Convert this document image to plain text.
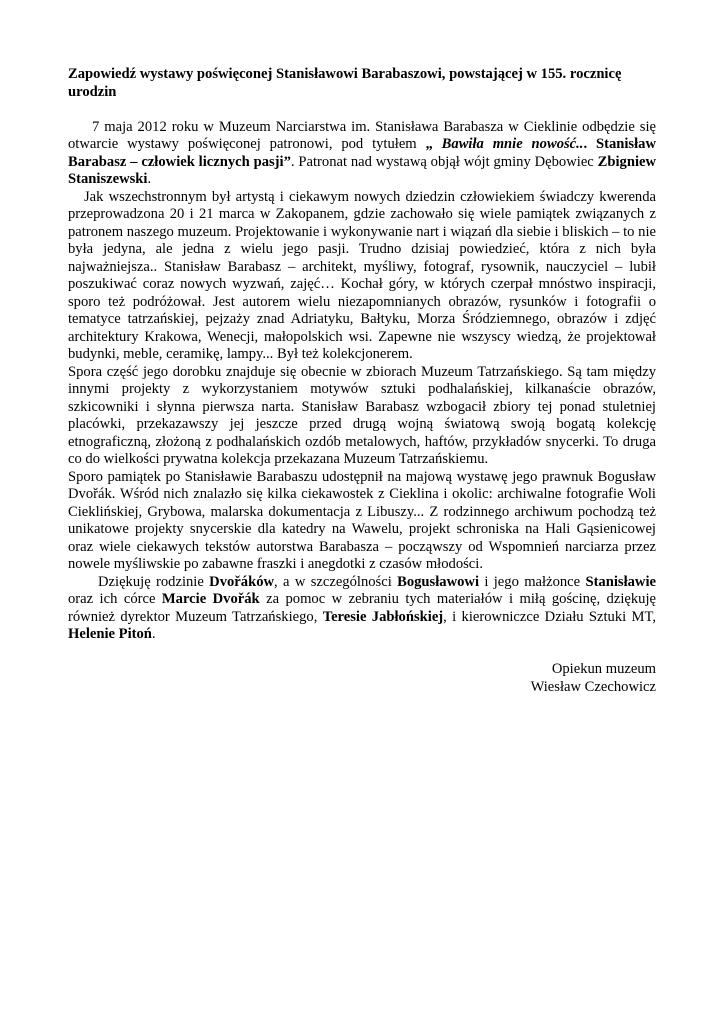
Zapowiedź wystawy poświęconej Stanisławowi Barabaszowi, powstającej w 155. rocznicę urodzin

7 maja 2012 roku w Muzeum Narciarstwa im. Stanisława Barabasza w Cieklinie odbędzie się otwarcie wystawy poświęconej patronowi, pod tytułem „ Bawiła mnie nowość... Stanisław Barabasz – człowiek licznych pasji”. Patronat nad wystawą objął wójt gminy Dębowiec Zbigniew Staniszewski.

Jak wszechstronnym był artystą i ciekawym nowych dziedzin człowiekiem świadczy kwerenda przeprowadzona 20 i 21 marca w Zakopanem, gdzie zachowało się wiele pamiątek związanych z patronem naszego muzeum. Projektowanie i wykonywanie nart i wiązań dla siebie i bliskich – to nie była jedyna, ale jedna z wielu jego pasji. Trudno dzisiaj powiedzieć, która z nich była najważniejsza.. Stanisław Barabasz – architekt, myśliwy, fotograf, rysownik, nauczyciel – lubił poszukiwać coraz nowych wyzwań, zajęć… Kochał góry, w których czerpał mnóstwo inspiracji, sporo też podróżował. Jest autorem wielu niezapomnianych obrazów, rysunków i fotografii o tematyce tatrzańskiej, pejzaży znad Adriatyku, Bałtyku, Morza Śródziemnego, obrazów i zdjęć architektury Krakowa, Wenecji, małopolskich wsi. Zapewne nie wszyscy wiedzą, że projektował budynki, meble, ceramikę, lampy... Był też kolekcjonerem.

Spora część jego dorobku znajduje się obecnie w zbiorach Muzeum Tatrzańskiego. Są tam między innymi projekty z wykorzystaniem motywów sztuki podhalańskiej, kilkanaście obrazów, szkicowniki i słynna pierwsza narta. Stanisław Barabasz wzbogacił zbiory tej ponad stuletniej placówki, przekazawszy jej jeszcze przed drugą wojną światową swoją bogatą kolekcję etnograficzną, złożoną z podhalańskich ozdób metalowych, haftów, przykładów snycerki. To druga co do wielkości prywatna kolekcja przekazana Muzeum Tatrzańskiemu.

Sporo pamiątek po Stanisławie Barabaszu udostępnił na majową wystawę jego prawnuk Bogusław Dvořák. Wśród nich znalazło się kilka ciekawostek z Cieklina i okolic: archiwalne fotografie Woli Cieklińskiej, Grybowa, malarska dokumentacja z Libuszy... Z rodzinnego archiwum pochodzą też unikatowe projekty snycerskie dla katedry na Wawelu, projekt schroniska na Hali Gąsienicowej oraz wiele ciekawych tekstów autorstwa Barabasza – począwszy od Wspomnień narciarza przez nowele myśliwskie po zabawne fraszki i anegdotki z czasów młodości.

Dziękuję rodzinie Dvořáków, a w szczególności Bogusławowi i jego małżonce Stanisławie oraz ich córce Marcie Dvořák za pomoc w zebraniu tych materiałów i miłą gościnę, dziękuję również dyrektor Muzeum Tatrzańskiego, Teresie Jabłońskiej, i kierowniczce Działu Sztuki MT, Helenie Pitoń.

Opiekun muzeum
Wiesław Czechowicz
